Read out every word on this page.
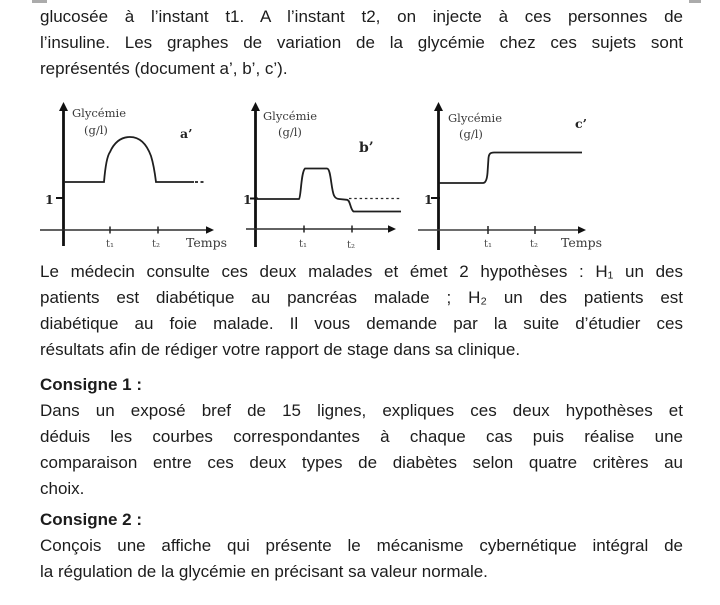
glucosée à l’instant t1. A l’instant t2, on injecte à ces personnes de
l’insuline. Les graphes de variation de la glycémie chez ces sujets sont
représentés (document a’, b’, c’).
Glycémie
(g/l)	a’
1
t₁	t₂ Temps
Glycémie
(g/l)
b’
1
t₁	t₂
Glycémie
(g/l)
c’
1
t₁	t₂ Temps
Le médecin consulte ces deux malades et émet 2 hypothèses : H₁ un des
patients est diabétique au pancréas malade ; H₂ un des patients est
diabétique au foie malade. Il vous demande par la suite d’étudier ces
résultats afin de rédiger votre rapport de stage dans sa clinique.
Consigne 1 :
Dans un exposé bref de 15 lignes, expliques ces deux hypothèses et
déduis les courbes correspondantes à chaque cas puis réalise une
comparaison entre ces deux types de diabètes selon quatre critères au
choix.
Consigne 2 :
Conçois une affiche qui présente le mécanisme cybernétique intégral de
la régulation de la glycémie en précisant sa valeur normale.
